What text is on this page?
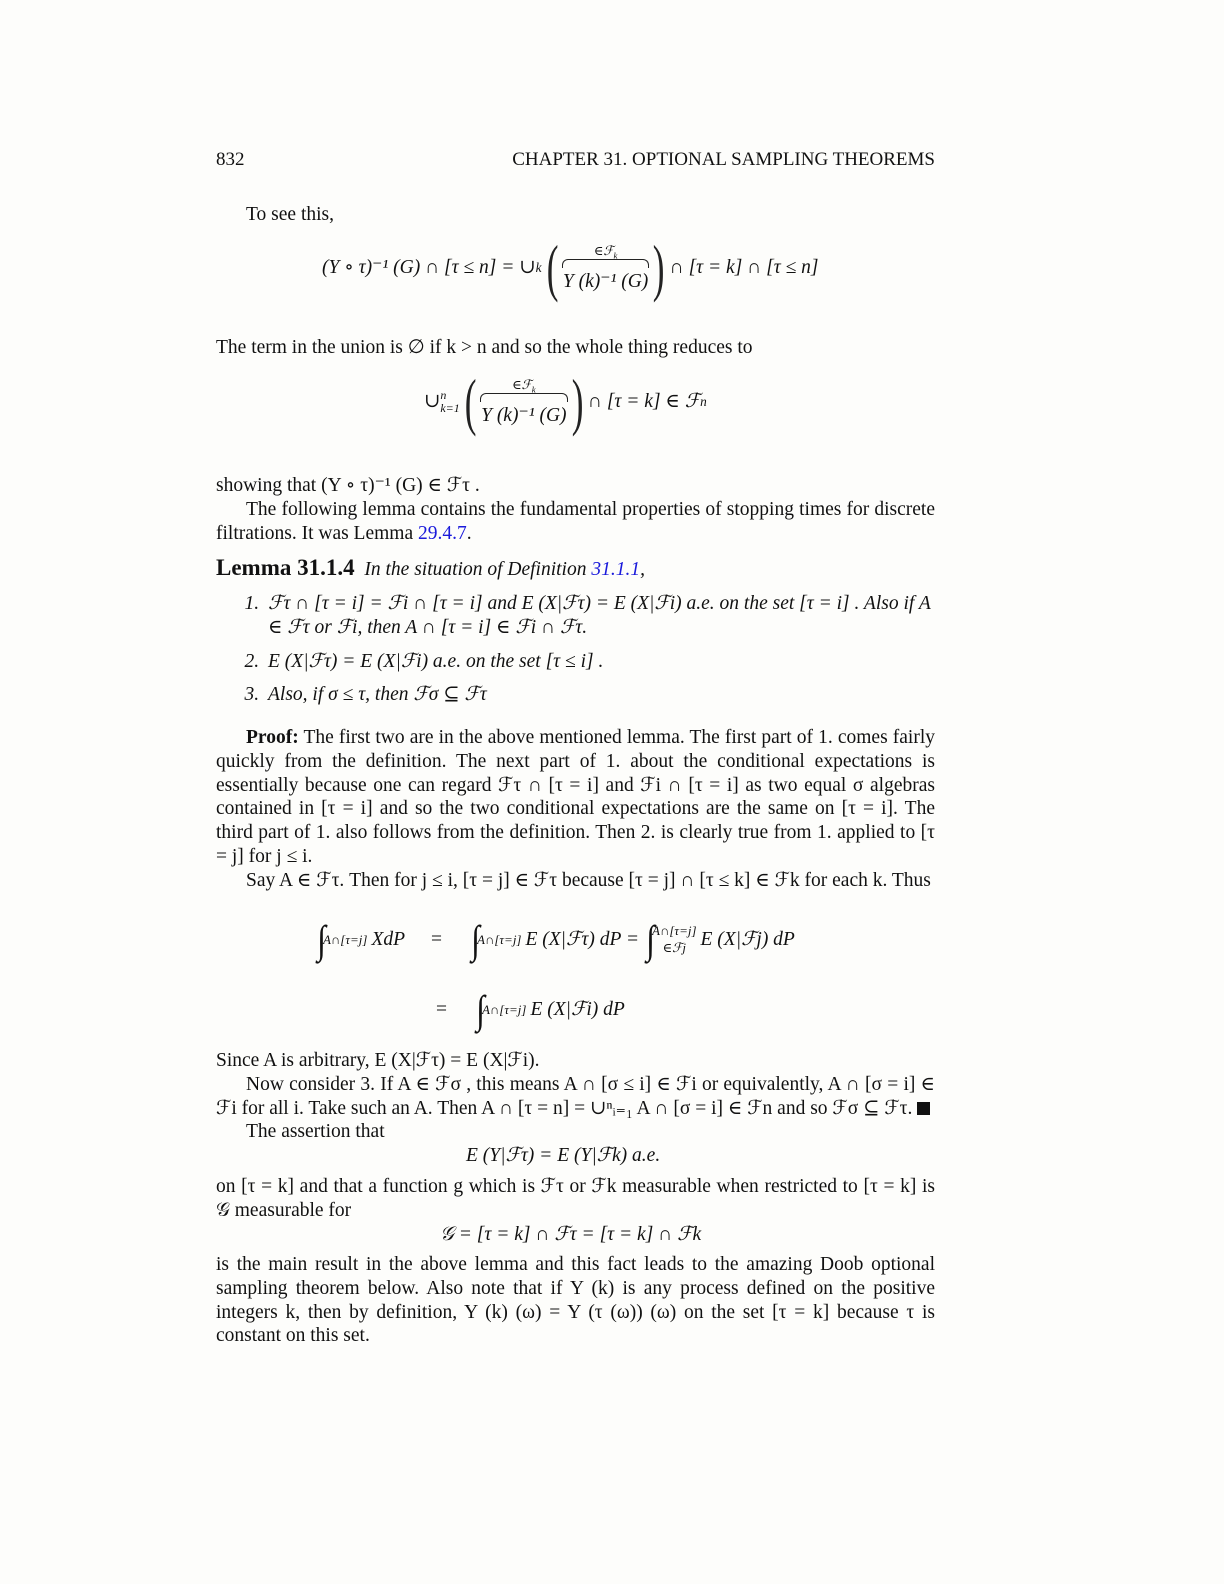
832	CHAPTER 31. OPTIONAL SAMPLING THEOREMS

To see this,

(Y ∘ τ)⁻¹ (G) ∩ [τ ≤ n] = ∪ k (	∈ℱ$_k$
Y (k)⁻¹ (G) ) ∩ [τ = k] ∩ [τ ≤ n]

The term in the union is ∅ if k > n and so the whole thing reduces to

∪ n
k=1 (	∈ℱ$_k$
Y (k)⁻¹ (G) ) ∩ [τ = k] ∈ ℱ n

showing that (Y ∘ τ)⁻¹ (G) ∈ ℱτ .

The following lemma contains the fundamental properties of stopping times for discrete filtrations. It was Lemma 29.4.7.

Lemma 31.1.4 In the situation of Definition 31.1.1,

1. ℱτ ∩ [τ = i] = ℱi ∩ [τ = i] and E (X|ℱτ) = E (X|ℱi) a.e. on the set [τ = i] . Also if A ∈ ℱτ or ℱi, then A ∩ [τ = i] ∈ ℱi ∩ ℱτ.
2. E (X|ℱτ) = E (X|ℱi) a.e. on the set [τ ≤ i] .
3. Also, if σ ≤ τ, then ℱσ ⊆ ℱτ

Proof: The first two are in the above mentioned lemma. The first part of 1. comes fairly quickly from the definition. The next part of 1. about the conditional expectations is essentially because one can regard ℱτ ∩ [τ = i] and ℱi ∩ [τ = i] as two equal σ algebras contained in [τ = i] and so the two conditional expectations are the same on [τ = i]. The third part of 1. also follows from the definition. Then 2. is clearly true from 1. applied to [τ = j] for j ≤ i.

Say A ∈ ℱτ. Then for j ≤ i, [τ = j] ∈ ℱτ because [τ = j] ∩ [τ ≤ k] ∈ ℱk for each k. Thus

∫
A∩[τ=j] XdP = ∫
A∩[τ=j] E (X|ℱτ) dP = ∫
A∩[τ=j]
∈ℱj E (X|ℱj) dP
= ∫
A∩[τ=j] E (X|ℱi) dP

Since A is arbitrary, E (X|ℱτ) = E (X|ℱi).

Now consider 3. If A ∈ ℱσ , this means A ∩ [σ ≤ i] ∈ ℱi or equivalently, A ∩ [σ = i] ∈ ℱi for all i. Take such an A. Then A ∩ [τ = n] = ∪ⁿᵢ₌₁ A ∩ [σ = i] ∈ ℱn and so ℱσ ⊆ ℱτ.

The assertion that

E (Y|ℱτ) = E (Y|ℱk) a.e.

on [τ = k] and that a function g which is ℱτ or ℱk measurable when restricted to [τ = k] is 𝒢 measurable for

𝒢 = [τ = k] ∩ ℱτ = [τ = k] ∩ ℱk

is the main result in the above lemma and this fact leads to the amazing Doob optional sampling theorem below. Also note that if Y (k) is any process defined on the positive integers k, then by definition, Y (k) (ω) = Y (τ (ω)) (ω) on the set [τ = k] because τ is constant on this set.
